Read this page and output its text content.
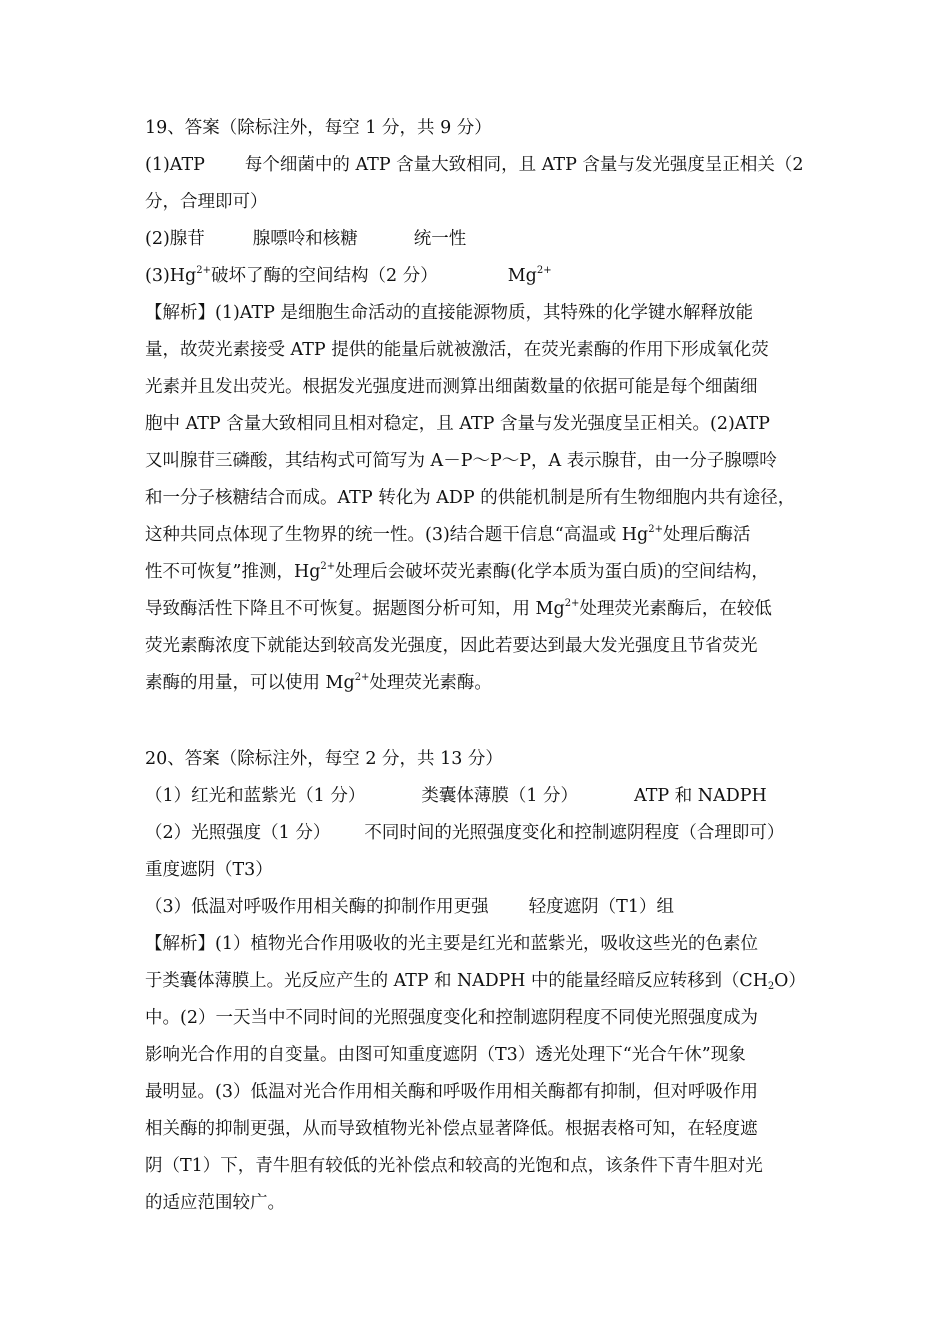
19、答案（除标注外，每空 1 分，共 9 分）
(1)ATP 每个细菌中的 ATP 含量大致相同，且 ATP 含量与发光强度呈正相关（2
分，合理即可）
(2)腺苷	腺嘌呤和核糖	统一性
$(3)Hg^{2+}$破坏了酶的空间结构（2 分）	$Mg^{2+}$
【解析】(1)ATP 是细胞生命活动的直接能源物质，其特殊的化学键水解释放能
量，故荧光素接受 ATP 提供的能量后就被激活，在荧光素酶的作用下形成氧化荧
光素并且发出荧光。根据发光强度进而测算出细菌数量的依据可能是每个细菌细
胞中 ATP 含量大致相同且相对稳定，且 ATP 含量与发光强度呈正相关。(2)ATP
又叫腺苷三磷酸，其结构式可简写为 A－P～P～P，A 表示腺苷，由一分子腺嘌呤
和一分子核糖结合而成。ATP 转化为 ADP 的供能机制是所有生物细胞内共有途径，
这种共同点体现了生物界的统一性。(3)结合题干信息“高温或 $Hg^{2+}$处理后酶活
性不可恢复”推测，$Hg^{2+}$处理后会破坏荧光素酶(化学本质为蛋白质)的空间结构，
导致酶活性下降且不可恢复。据题图分析可知，用 $Mg^{2+}$处理荧光素酶后，在较低
荧光素酶浓度下就能达到较高发光强度，因此若要达到最大发光强度且节省荧光
素酶的用量，可以使用 $Mg^{2+}$处理荧光素酶。
20、答案（除标注外，每空 2 分，共 13 分）
（1）红光和蓝紫光（1 分）	类囊体薄膜（1 分）	ATP 和 NADPH
（2）光照强度（1 分） 不同时间的光照强度变化和控制遮阴程度（合理即可）
重度遮阴（T3）
（3）低温对呼吸作用相关酶的抑制作用更强 轻度遮阴（T1）组
【解析】(1）植物光合作用吸收的光主要是红光和蓝紫光，吸收这些光的色素位
于类囊体薄膜上。光反应产生的 ATP 和 NADPH 中的能量经暗反应转移到$(CH_2O)$
中。(2）一天当中不同时间的光照强度变化和控制遮阴程度不同使光照强度成为
影响光合作用的自变量。由图可知重度遮阴（T3）透光处理下“光合午休”现象
最明显。(3）低温对光合作用相关酶和呼吸作用相关酶都有抑制，但对呼吸作用
相关酶的抑制更强，从而导致植物光补偿点显著降低。根据表格可知，在轻度遮
阴（T1）下，青牛胆有较低的光补偿点和较高的光饱和点，该条件下青牛胆对光
的适应范围较广。
